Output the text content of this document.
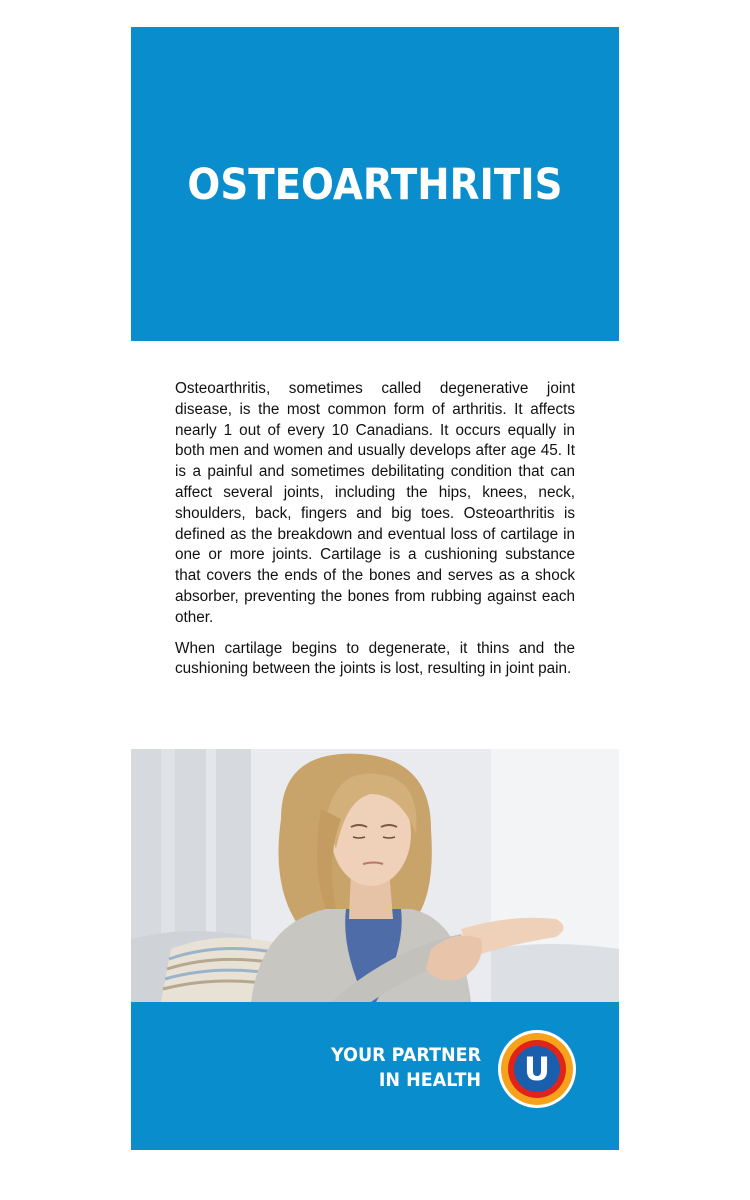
OSTEOARTHRITIS

Osteoarthritis, sometimes called degenerative joint disease, is the most common form of arthritis. It affects nearly 1 out of every 10 Canadians. It occurs equally in both men and women and usually develops after age 45. It is a painful and sometimes debilitating condition that can affect several joints, including the hips, knees, neck, shoulders, back, fingers and big toes. Osteoarthritis is defined as the breakdown and eventual loss of cartilage in one or more joints. Cartilage is a cushioning substance that covers the ends of the bones and serves as a shock absorber, preventing the bones from rubbing against each other.

When cartilage begins to degenerate, it thins and the cushioning between the joints is lost, resulting in joint pain.

YOUR PARTNER
IN HEALTH U
